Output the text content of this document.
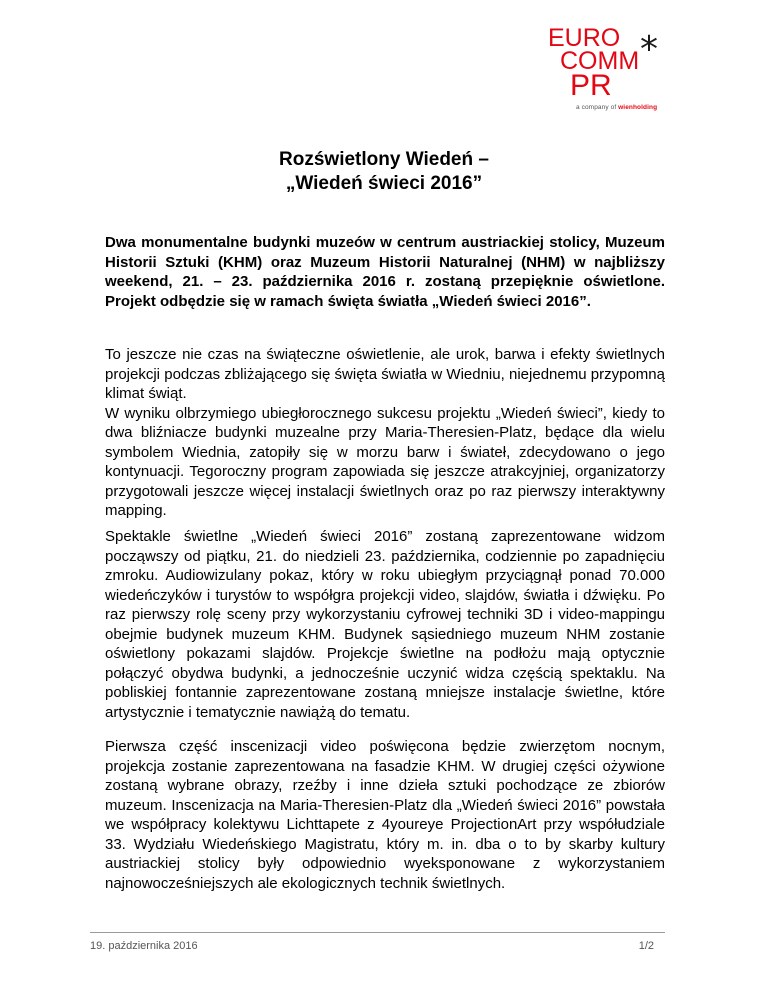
EURO
COMM
PR
*
a company of wienholding
Rozświetlony Wiedeń –
„Wiedeń świeci 2016”
Dwa monumentalne budynki muzeów w centrum austriackiej stolicy, Muzeum Historii Sztuki (KHM) oraz Muzeum Historii Naturalnej (NHM) w najbliższy weekend, 21. – 23. października 2016 r. zostaną przepięknie oświetlone. Projekt odbędzie się w ramach święta światła „Wiedeń świeci 2016”.
To jeszcze nie czas na świąteczne oświetlenie, ale urok, barwa i efekty świetlnych projekcji podczas zbliżającego się święta światła w Wiedniu, niejednemu przypomną klimat świąt.
W wyniku olbrzymiego ubiegłorocznego sukcesu projektu „Wiedeń świeci”, kiedy to dwa bliźniacze budynki muzealne przy Maria-Theresien-Platz, będące dla wielu symbolem Wiednia, zatopiły się w morzu barw i świateł, zdecydowano o jego kontynuacji. Tegoroczny program zapowiada się jeszcze atrakcyjniej, organizatorzy przygotowali jeszcze więcej instalacji świetlnych oraz po raz pierwszy interaktywny mapping.
Spektakle świetlne „Wiedeń świeci 2016” zostaną zaprezentowane widzom począwszy od piątku, 21. do niedzieli 23. października, codziennie po zapadnięciu zmroku. Audiowizulany pokaz, który w roku ubiegłym przyciągnął ponad 70.000 wiedeńczyków i turystów to współgra projekcji video, slajdów, światła i dźwięku. Po raz pierwszy rolę sceny przy wykorzystaniu cyfrowej techniki 3D i video-mappingu obejmie budynek muzeum KHM. Budynek sąsiedniego muzeum NHM zostanie oświetlony pokazami slajdów. Projekcje świetlne na podłożu mają optycznie połączyć obydwa budynki, a jednocześnie uczynić widza częścią spektaklu. Na pobliskiej fontannie zaprezentowane zostaną mniejsze instalacje świetlne, które artystycznie i tematycznie nawiążą do tematu.
Pierwsza część inscenizacji video poświęcona będzie zwierzętom nocnym, projekcja zostanie zaprezentowana na fasadzie KHM. W drugiej części ożywione zostaną wybrane obrazy, rzeźby i inne dzieła sztuki pochodzące ze zbiorów muzeum. Inscenizacja na Maria-Theresien-Platz dla „Wiedeń świeci 2016” powstała we współpracy kolektywu Lichttapete z 4youreye ProjectionArt przy współudziale 33. Wydziału Wiedeńskiego Magistratu, który m. in. dba o to by skarby kultury austriackiej stolicy były odpowiednio wyeksponowane z wykorzystaniem najnowocześniejszych ale ekologicznych technik świetlnych.
19. października 2016	1/2
